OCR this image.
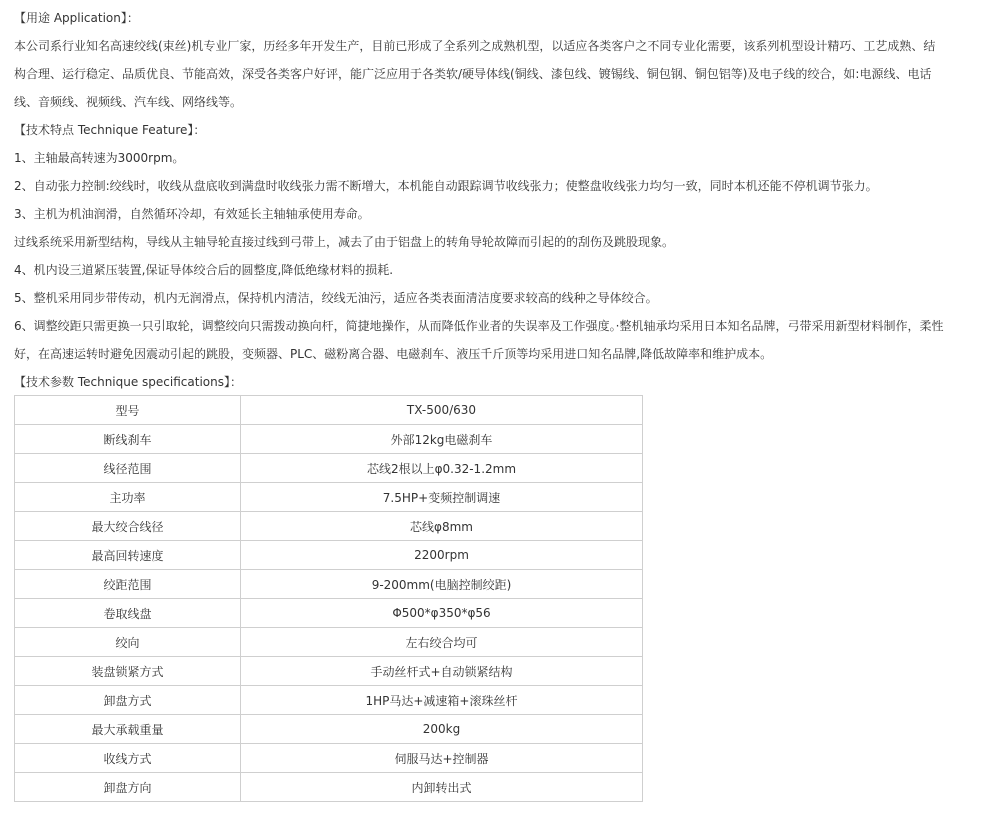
【用途 Application】：
本公司系行业知名高速绞线(束丝)机专业厂家，历经多年开发生产，目前已形成了全系列之成熟机型，以适应各类客户之不同专业化需要，该系列机型设计精巧、工艺成熟、结构合理、运行稳定、品质优良、节能高效，深受各类客户好评，能广泛应用于各类软/硬导体线(铜线、漆包线、镀锡线、铜包钢、铜包铝等)及电子线的绞合，如:电源线、电话线、音频线、视频线、汽车线、网络线等。
【技术特点 Technique Feature】：
1、主轴最高转速为3000rpm。
2、自动张力控制:绞线时，收线从盘底收到满盘时收线张力需不断增大，本机能自动跟踪调节收线张力；使整盘收线张力均匀一致，同时本机还能不停机调节张力。
3、主机为机油润滑，自然循环冷却，有效延长主轴轴承使用寿命。
过线系统采用新型结构，导线从主轴导轮直接过线到弓带上，减去了由于铝盘上的转角导轮故障而引起的的刮伤及跳股现象。
4、机内设三道紧压装置,保证导体绞合后的圆整度,降低绝缘材料的损耗.
5、整机采用同步带传动，机内无润滑点，保持机内清洁，绞线无油污，适应各类表面清洁度要求较高的线种之导体绞合。
6、调整绞距只需更换一只引取轮，调整绞向只需拨动换向杆，简捷地操作，从而降低作业者的失误率及工作强度。·整机轴承均采用日本知名品牌，弓带采用新型材料制作，柔性好，在高速运转时避免因震动引起的跳股，变频器、PLC、磁粉离合器、电磁刹车、液压千斤顶等均采用进口知名品牌,降低故障率和维护成本。
【技术参数 Technique specifications】：
型号	TX-500/630
断线刹车	外部12kg电磁刹车
线径范围	芯线2根以上φ0.32-1.2mm
主功率	7.5HP+变频控制调速
最大绞合线径	芯线φ8mm
最高回转速度	2200rpm
绞距范围	9-200mm(电脑控制绞距)
卷取线盘	Φ500*φ350*φ56
绞向	左右绞合均可
装盘锁紧方式	手动丝杆式+自动锁紧结构
卸盘方式	1HP马达+减速箱+滚珠丝杆
最大承载重量	200kg
收线方式	伺服马达+控制器
卸盘方向	内卸转出式
